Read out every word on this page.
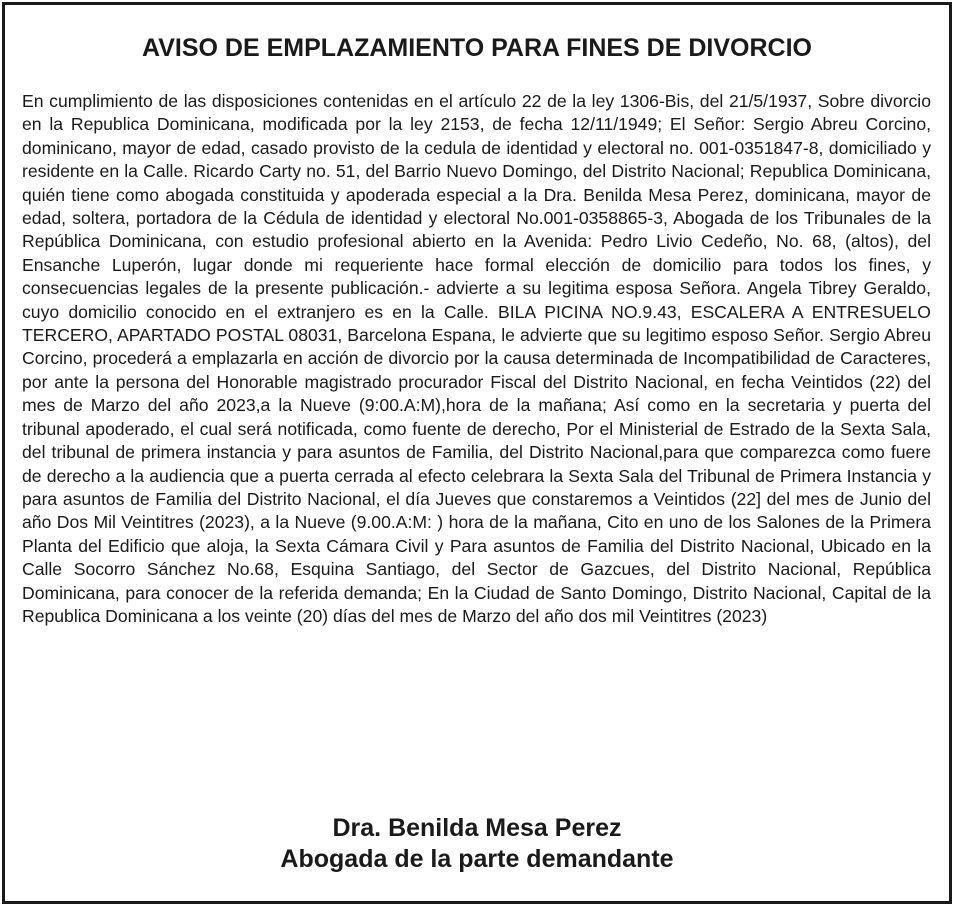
AVISO DE EMPLAZAMIENTO PARA FINES DE DIVORCIO

En cumplimiento de las disposiciones contenidas en el artículo 22 de la ley 1306-Bis, del 21/5/1937, Sobre divorcio en la Republica Dominicana, modificada por la ley 2153, de fecha 12/11/1949; El Señor: Sergio Abreu Corcino, dominicano, mayor de edad, casado provisto de la cedula de identidad y electoral no. 001-0351847-8, domiciliado y residente en la Calle. Ricardo Carty no. 51, del Barrio Nuevo Domingo, del Distrito Nacional; Republica Dominicana, quién tiene como abogada constituida y apoderada especial a la Dra. Benilda Mesa Perez, dominicana, mayor de edad, soltera, portadora de la Cédula de identidad y electoral No.001-0358865-3, Abogada de los Tribunales de la República Dominicana, con estudio profesional abierto en la Avenida: Pedro Livio Cedeño, No. 68, (altos), del Ensanche Luperón, lugar donde mi requeriente hace formal elección de domicilio para todos los fines, y consecuencias legales de la presente publicación.- advierte a su legitima esposa Señora. Angela Tibrey Geraldo, cuyo domicilio conocido en el extranjero es en la Calle. BILA PICINA NO.9.43, ESCALERA A ENTRESUELO TERCERO, APARTADO POSTAL 08031, Barcelona Espana, le advierte que su legitimo esposo Señor. Sergio Abreu Corcino, procederá a emplazarla en acción de divorcio por la causa determinada de Incompatibilidad de Caracteres, por ante la persona del Honorable magistrado procurador Fiscal del Distrito Nacional, en fecha Veintidos (22) del mes de Marzo del año 2023,a la Nueve (9:00.A:M),hora de la mañana; Así como en la secretaria y puerta del tribunal apoderado, el cual será notificada, como fuente de derecho, Por el Ministerial de Estrado de la Sexta Sala, del tribunal de primera instancia y para asuntos de Familia, del Distrito Nacional,para que comparezca como fuere de derecho a la audiencia que a puerta cerrada al efecto celebrara la Sexta Sala del Tribunal de Primera Instancia y para asuntos de Familia del Distrito Nacional, el día Jueves que constaremos a Veintidos (22] del mes de Junio del año Dos Mil Veintitres (2023), a la Nueve (9.00.A:M: ) hora de la mañana, Cito en uno de los Salones de la Primera Planta del Edificio que aloja, la Sexta Cámara Civil y Para asuntos de Familia del Distrito Nacional, Ubicado en la Calle Socorro Sánchez No.68, Esquina Santiago, del Sector de Gazcues, del Distrito Nacional, República Dominicana, para conocer de la referida demanda; En la Ciudad de Santo Domingo, Distrito Nacional, Capital de la Republica Dominicana a los veinte (20) días del mes de Marzo del año dos mil Veintitres (2023)

Dra. Benilda Mesa Perez
Abogada de la parte demandante
